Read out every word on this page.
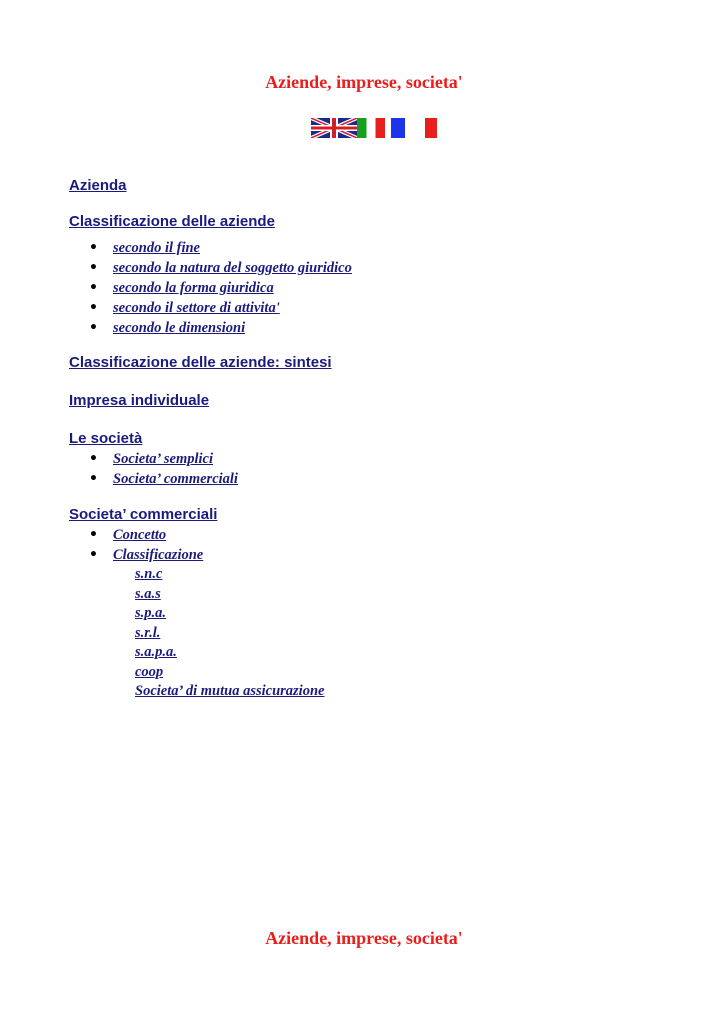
Aziende, imprese, societa'
Azienda
Classificazione delle aziende
• secondo il fine
• secondo la natura del soggetto giuridico
• secondo la forma giuridica
• secondo il settore di attivita'
• secondo le dimensioni
Classificazione delle aziende: sintesi
Impresa individuale
Le società
• Societa’ semplici
• Societa’ commerciali
Societa’ commerciali
• Concetto
• Classificazione
s.n.c
s.a.s
s.p.a.
s.r.l.
s.a.p.a.
coop
Societa’ di mutua assicurazione
Aziende, imprese, societa'
